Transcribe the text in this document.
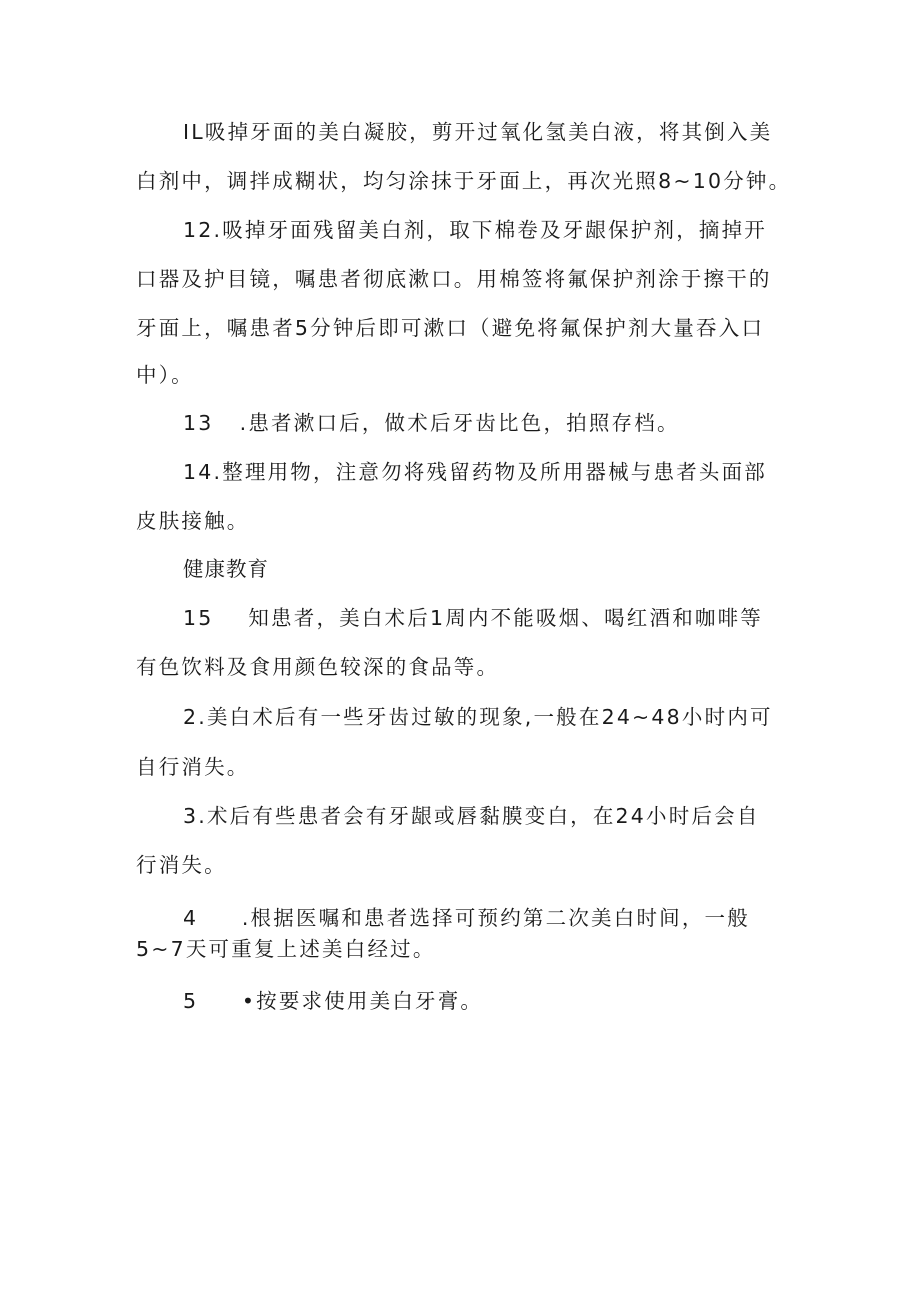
IL吸掉牙面的美白凝胶，剪开过氧化氢美白液，将其倒入美
白剂中，调拌成糊状，均匀涂抹于牙面上，再次光照8~10分钟。
12.吸掉牙面残留美白剂，取下棉卷及牙龈保护剂，摘掉开
口器及护目镜，嘱患者彻底漱口。用棉签将氟保护剂涂于擦干的
牙面上，嘱患者5分钟后即可漱口（避免将氟保护剂大量吞入口
中）。
13   .患者漱口后，做术后牙齿比色，拍照存档。
14.整理用物，注意勿将残留药物及所用器械与患者头面部
皮肤接触。
健康教育
15    知患者，美白术后1周内不能吸烟、喝红酒和咖啡等
有色饮料及食用颜色较深的食品等。
2.美白术后有一些牙齿过敏的现象,一般在24~48小时内可
自行消失。
3.术后有些患者会有牙龈或唇黏膜变白，在24小时后会自
行消失。
4     .根据医嘱和患者选择可预约第二次美白时间，一般
5~7天可重复上述美白经过。
5     •按要求使用美白牙膏。
